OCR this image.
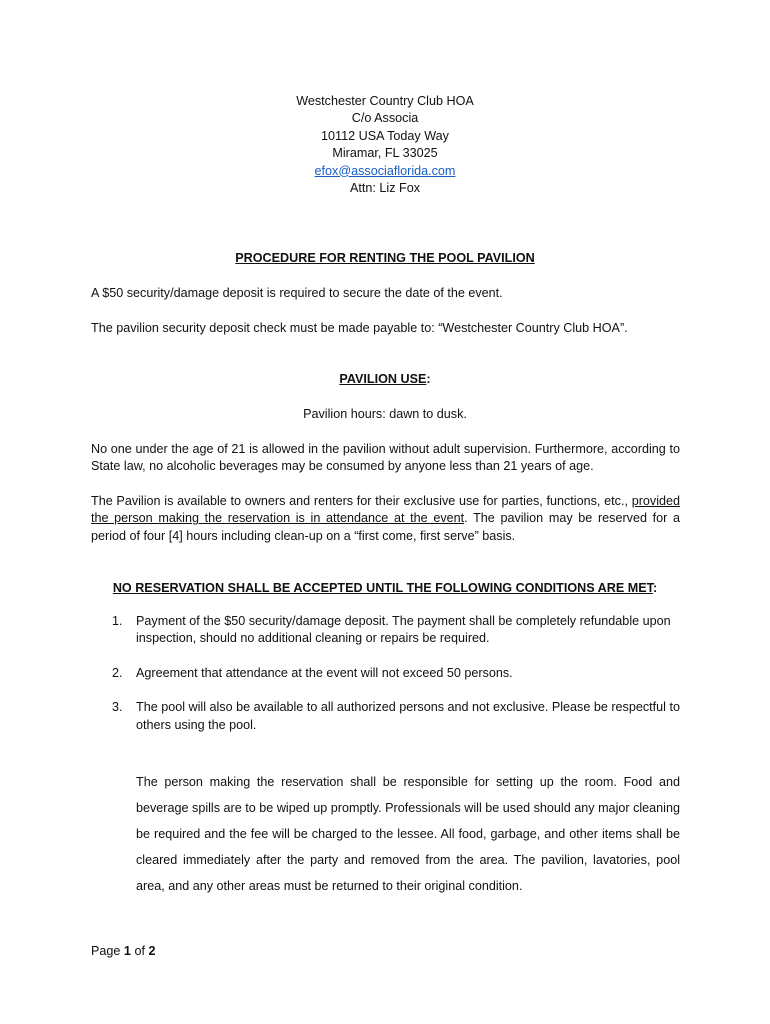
Westchester Country Club HOA
C/o Associa
10112 USA Today Way
Miramar, FL 33025
efox@associaflorida.com
Attn: Liz Fox
PROCEDURE FOR RENTING THE POOL PAVILION
A $50 security/damage deposit is required to secure the date of the event.
The pavilion security deposit check must be made payable to: “Westchester Country Club HOA”.
PAVILION USE:
Pavilion hours: dawn to dusk.
No one under the age of 21 is allowed in the pavilion without adult supervision. Furthermore, according to State law, no alcoholic beverages may be consumed by anyone less than 21 years of age.
The Pavilion is available to owners and renters for their exclusive use for parties, functions, etc., provided the person making the reservation is in attendance at the event. The pavilion may be reserved for a period of four [4] hours including clean-up on a “first come, first serve” basis.
NO RESERVATION SHALL BE ACCEPTED UNTIL THE FOLLOWING CONDITIONS ARE MET:
1. Payment of the $50 security/damage deposit. The payment shall be completely refundable upon inspection, should no additional cleaning or repairs be required.
2. Agreement that attendance at the event will not exceed 50 persons.
3. The pool will also be available to all authorized persons and not exclusive. Please be respectful to others using the pool.
The person making the reservation shall be responsible for setting up the room. Food and beverage spills are to be wiped up promptly. Professionals will be used should any major cleaning be required and the fee will be charged to the lessee. All food, garbage, and other items shall be cleared immediately after the party and removed from the area. The pavilion, lavatories, pool area, and any other areas must be returned to their original condition.
Page 1 of 2
